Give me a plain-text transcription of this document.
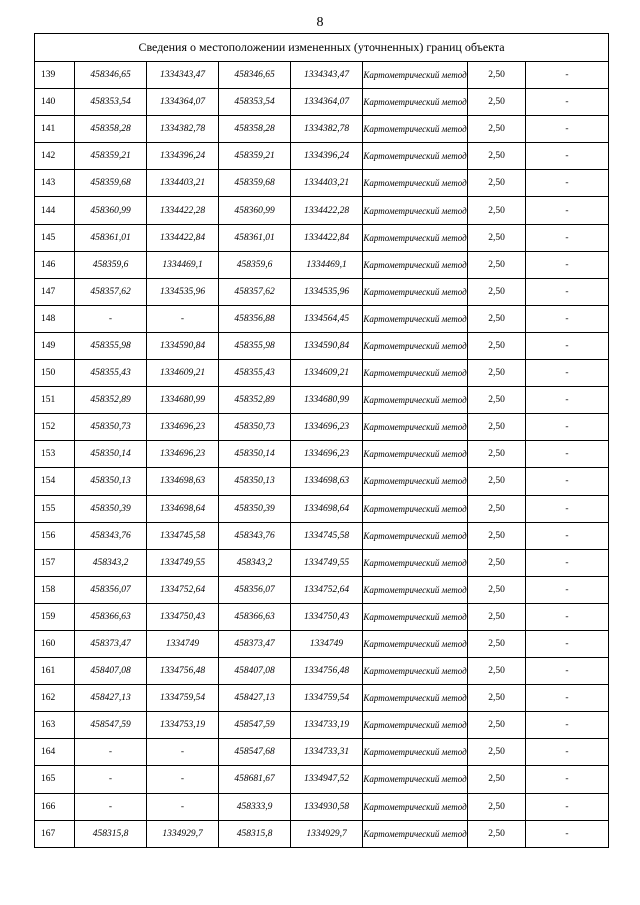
8
Сведения о местоположении измененных (уточненных) границ объекта							
139	458346,65	1334343,47	458346,65	1334343,47	Картометрический метод	2,50	-
140	458353,54	1334364,07	458353,54	1334364,07	Картометрический метод	2,50	-
141	458358,28	1334382,78	458358,28	1334382,78	Картометрический метод	2,50	-
142	458359,21	1334396,24	458359,21	1334396,24	Картометрический метод	2,50	-
143	458359,68	1334403,21	458359,68	1334403,21	Картометрический метод	2,50	-
144	458360,99	1334422,28	458360,99	1334422,28	Картометрический метод	2,50	-
145	458361,01	1334422,84	458361,01	1334422,84	Картометрический метод	2,50	-
146	458359,6	1334469,1	458359,6	1334469,1	Картометрический метод	2,50	-
147	458357,62	1334535,96	458357,62	1334535,96	Картометрический метод	2,50	-
148	-	-	458356,88	1334564,45	Картометрический метод	2,50	-
149	458355,98	1334590,84	458355,98	1334590,84	Картометрический метод	2,50	-
150	458355,43	1334609,21	458355,43	1334609,21	Картометрический метод	2,50	-
151	458352,89	1334680,99	458352,89	1334680,99	Картометрический метод	2,50	-
152	458350,73	1334696,23	458350,73	1334696,23	Картометрический метод	2,50	-
153	458350,14	1334696,23	458350,14	1334696,23	Картометрический метод	2,50	-
154	458350,13	1334698,63	458350,13	1334698,63	Картометрический метод	2,50	-
155	458350,39	1334698,64	458350,39	1334698,64	Картометрический метод	2,50	-
156	458343,76	1334745,58	458343,76	1334745,58	Картометрический метод	2,50	-
157	458343,2	1334749,55	458343,2	1334749,55	Картометрический метод	2,50	-
158	458356,07	1334752,64	458356,07	1334752,64	Картометрический метод	2,50	-
159	458366,63	1334750,43	458366,63	1334750,43	Картометрический метод	2,50	-
160	458373,47	1334749	458373,47	1334749	Картометрический метод	2,50	-
161	458407,08	1334756,48	458407,08	1334756,48	Картометрический метод	2,50	-
162	458427,13	1334759,54	458427,13	1334759,54	Картометрический метод	2,50	-
163	458547,59	1334753,19	458547,59	1334733,19	Картометрический метод	2,50	-
164	-	-	458547,68	1334733,31	Картометрический метод	2,50	-
165	-	-	458681,67	1334947,52	Картометрический метод	2,50	-
166	-	-	458333,9	1334930,58	Картометрический метод	2,50	-
167	458315,8	1334929,7	458315,8	1334929,7	Картометрический метод	2,50	-
